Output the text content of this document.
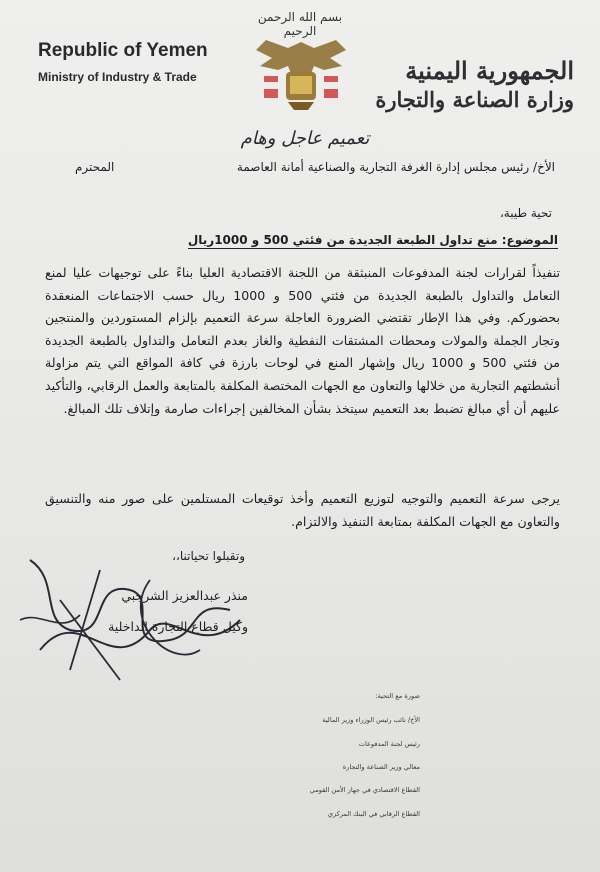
بسم الله الرحمن الرحيم
Republic of Yemen
Ministry of Industry & Trade	الجمهورية اليمنية
وزارة الصناعة والتجارة
تعميم عاجل وهام
الأخ/ رئيس مجلس إدارة الغرفة التجارية والصناعية أمانة العاصمة
المحترم
تحية طيبة،
الموضوع: منع تداول الطبعة الجديدة من فئتي 500 و 1000ريال
تنفيذاً لقرارات لجنة المدفوعات المنبثقة من اللجنة الاقتصادية العليا بناءً على توجيهات عليا لمنع التعامل والتداول بالطبعة الجديدة من فئتي 500 و 1000 ريال حسب الاجتماعات المنعقدة بحضوركم. وفي هذا الإطار تقتضي الضرورة العاجلة سرعة التعميم بإلزام المستوردين والمنتجين وتجار الجملة والمولات ومحطات المشتقات النفطية والغاز بعدم التعامل والتداول بالطبعة الجديدة من فئتي 500 و 1000 ريال وإشهار المنع في لوحات بارزة في كافة المواقع التي يتم مزاولة أنشطتهم التجارية من خلالها والتعاون مع الجهات المختصة المكلفة بالمتابعة والعمل الرقابي، والتأكيد عليهم أن أي مبالغ تضبط بعد التعميم سيتخذ بشأن المخالفين إجراءات صارمة وإتلاف تلك المبالغ.
يرجى سرعة التعميم والتوجيه لتوزيع التعميم وأخذ توقيعات المستلمين على صور منه والتنسيق والتعاون مع الجهات المكلفة بمتابعة التنفيذ والالتزام.
وتقبلوا تحياتنا،،
منذر عبدالعزيز الشرجبي
وكيل قطاع التجارة الداخلية
صورة مع التحية:
الأخ/ نائب رئيس الوزراء وزير المالية
رئيس لجنة المدفوعات
معالي وزير الصناعة والتجارة
القطاع الاقتصادي في جهاز الأمن القومي
القطاع الرقابي في البنك المركزي
